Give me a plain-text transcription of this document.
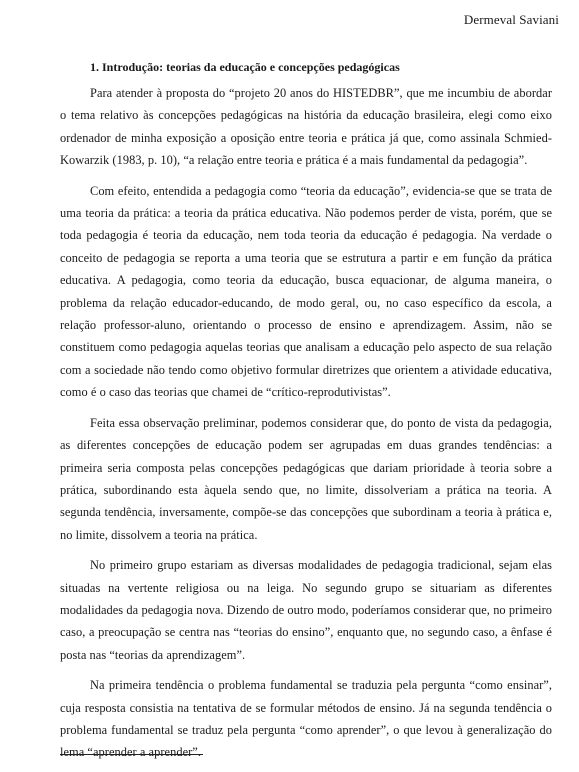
Dermeval Saviani
1. Introdução: teorias da educação e concepções pedagógicas

Para atender à proposta do “projeto 20 anos do HISTEDBR”, que me incumbiu de abordar o tema relativo às concepções pedagógicas na história da educação brasileira, elegi como eixo ordenador de minha exposição a oposição entre teoria e prática já que, como assinala Schmied-Kowarzik (1983, p. 10), “a relação entre teoria e prática é a mais fundamental da pedagogia”.

Com efeito, entendida a pedagogia como “teoria da educação”, evidencia-se que se trata de uma teoria da prática: a teoria da prática educativa. Não podemos perder de vista, porém, que se toda pedagogia é teoria da educação, nem toda teoria da educação é pedagogia. Na verdade o conceito de pedagogia se reporta a uma teoria que se estrutura a partir e em função da prática educativa. A pedagogia, como teoria da educação, busca equacionar, de alguma maneira, o problema da relação educador-educando, de modo geral, ou, no caso específico da escola, a relação professor-aluno, orientando o processo de ensino e aprendizagem. Assim, não se constituem como pedagogia aquelas teorias que analisam a educação pelo aspecto de sua relação com a sociedade não tendo como objetivo formular diretrizes que orientem a atividade educativa, como é o caso das teorias que chamei de “crítico-reprodutivistas”.

Feita essa observação preliminar, podemos considerar que, do ponto de vista da pedagogia, as diferentes concepções de educação podem ser agrupadas em duas grandes tendências: a primeira seria composta pelas concepções pedagógicas que dariam prioridade à teoria sobre a prática, subordinando esta àquela sendo que, no limite, dissolveriam a prática na teoria. A segunda tendência, inversamente, compõe-se das concepções que subordinam a teoria à prática e, no limite, dissolvem a teoria na prática.

No primeiro grupo estariam as diversas modalidades de pedagogia tradicional, sejam elas situadas na vertente religiosa ou na leiga. No segundo grupo se situariam as diferentes modalidades da pedagogia nova. Dizendo de outro modo, poderíamos considerar que, no primeiro caso, a preocupação se centra nas “teorias do ensino”, enquanto que, no segundo caso, a ênfase é posta nas “teorias da aprendizagem”.

Na primeira tendência o problema fundamental se traduzia pela pergunta “como ensinar”, cuja resposta consistia na tentativa de se formular métodos de ensino. Já na segunda tendência o problema fundamental se traduz pela pergunta “como aprender”, o que levou à generalização do lema “aprender a aprender”.
